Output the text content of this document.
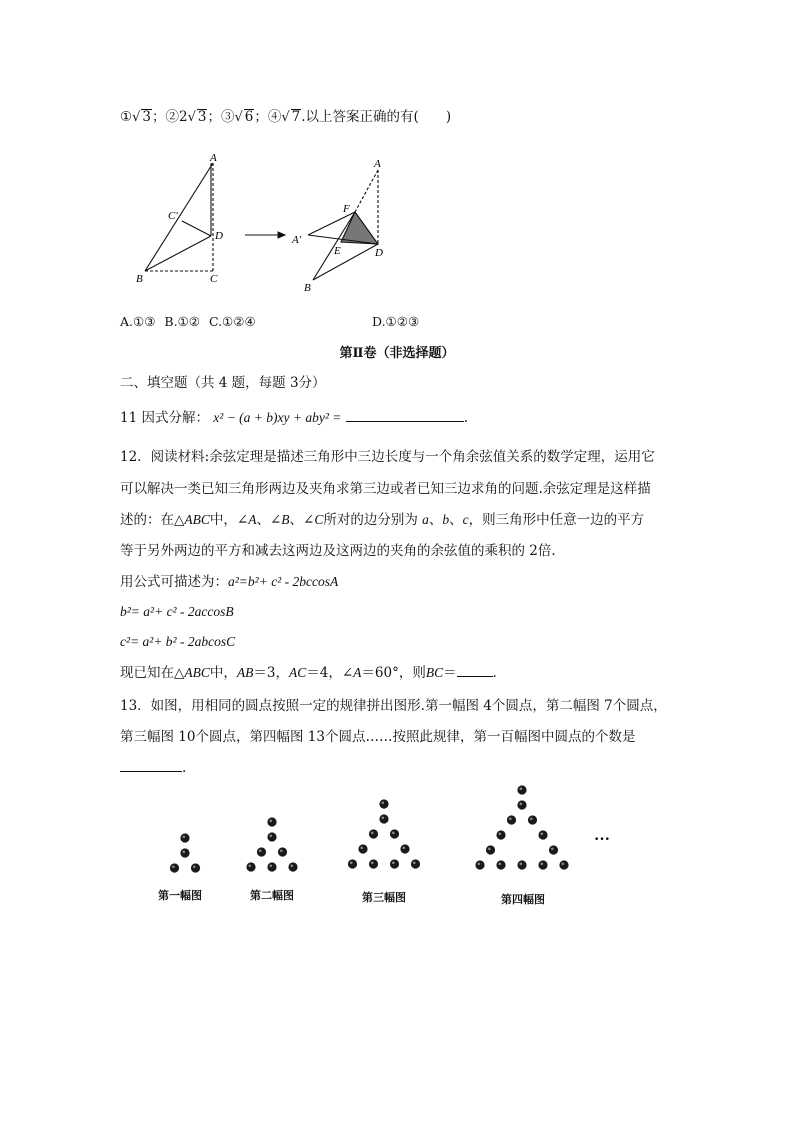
①√ 3；②2√ 3；③√ 6；④√ 7.以上答案正确的有(　　)
A
C'
D
B	C
A
F
A'
E	D
B
A.①③ B.①② C.①②④	D.①②③
第Ⅱ卷（非选择题）
二、填空题（共 4 题，每题 3分）
11 因式分解： x² − (a + b)xy + aby² =	.
12．阅读材料:余弦定理是描述三角形中三边长度与一个角余弦值关系的数学定理，运用它
可以解决一类已知三角形两边及夹角求第三边或者已知三边求角的问题.余弦定理是这样描
述的：在△ABC中，∠A、∠B、∠C所对的边分别为 a、b、c，则三角形中任意一边的平方
等于另外两边的平方和减去这两边及这两边的夹角的余弦值的乘积的 2倍．
用公式可描述为：a²=b²+ c² - 2bccosA
b²= a²+ c² - 2accosB
c²= a²+ b² - 2abcosC
现已知在△ABC中，AB＝3，AC＝4，∠A＝60°，则BC＝	．
13．如图，用相同的圆点按照一定的规律拼出图形.第一幅图 4个圆点，第二幅图 7个圆点，
第三幅图 10个圆点，第四幅图 13个圆点……按照此规律，第一百幅图中圆点的个数是
.
···
第一幅图	第二幅图	第三幅图	第四幅图
